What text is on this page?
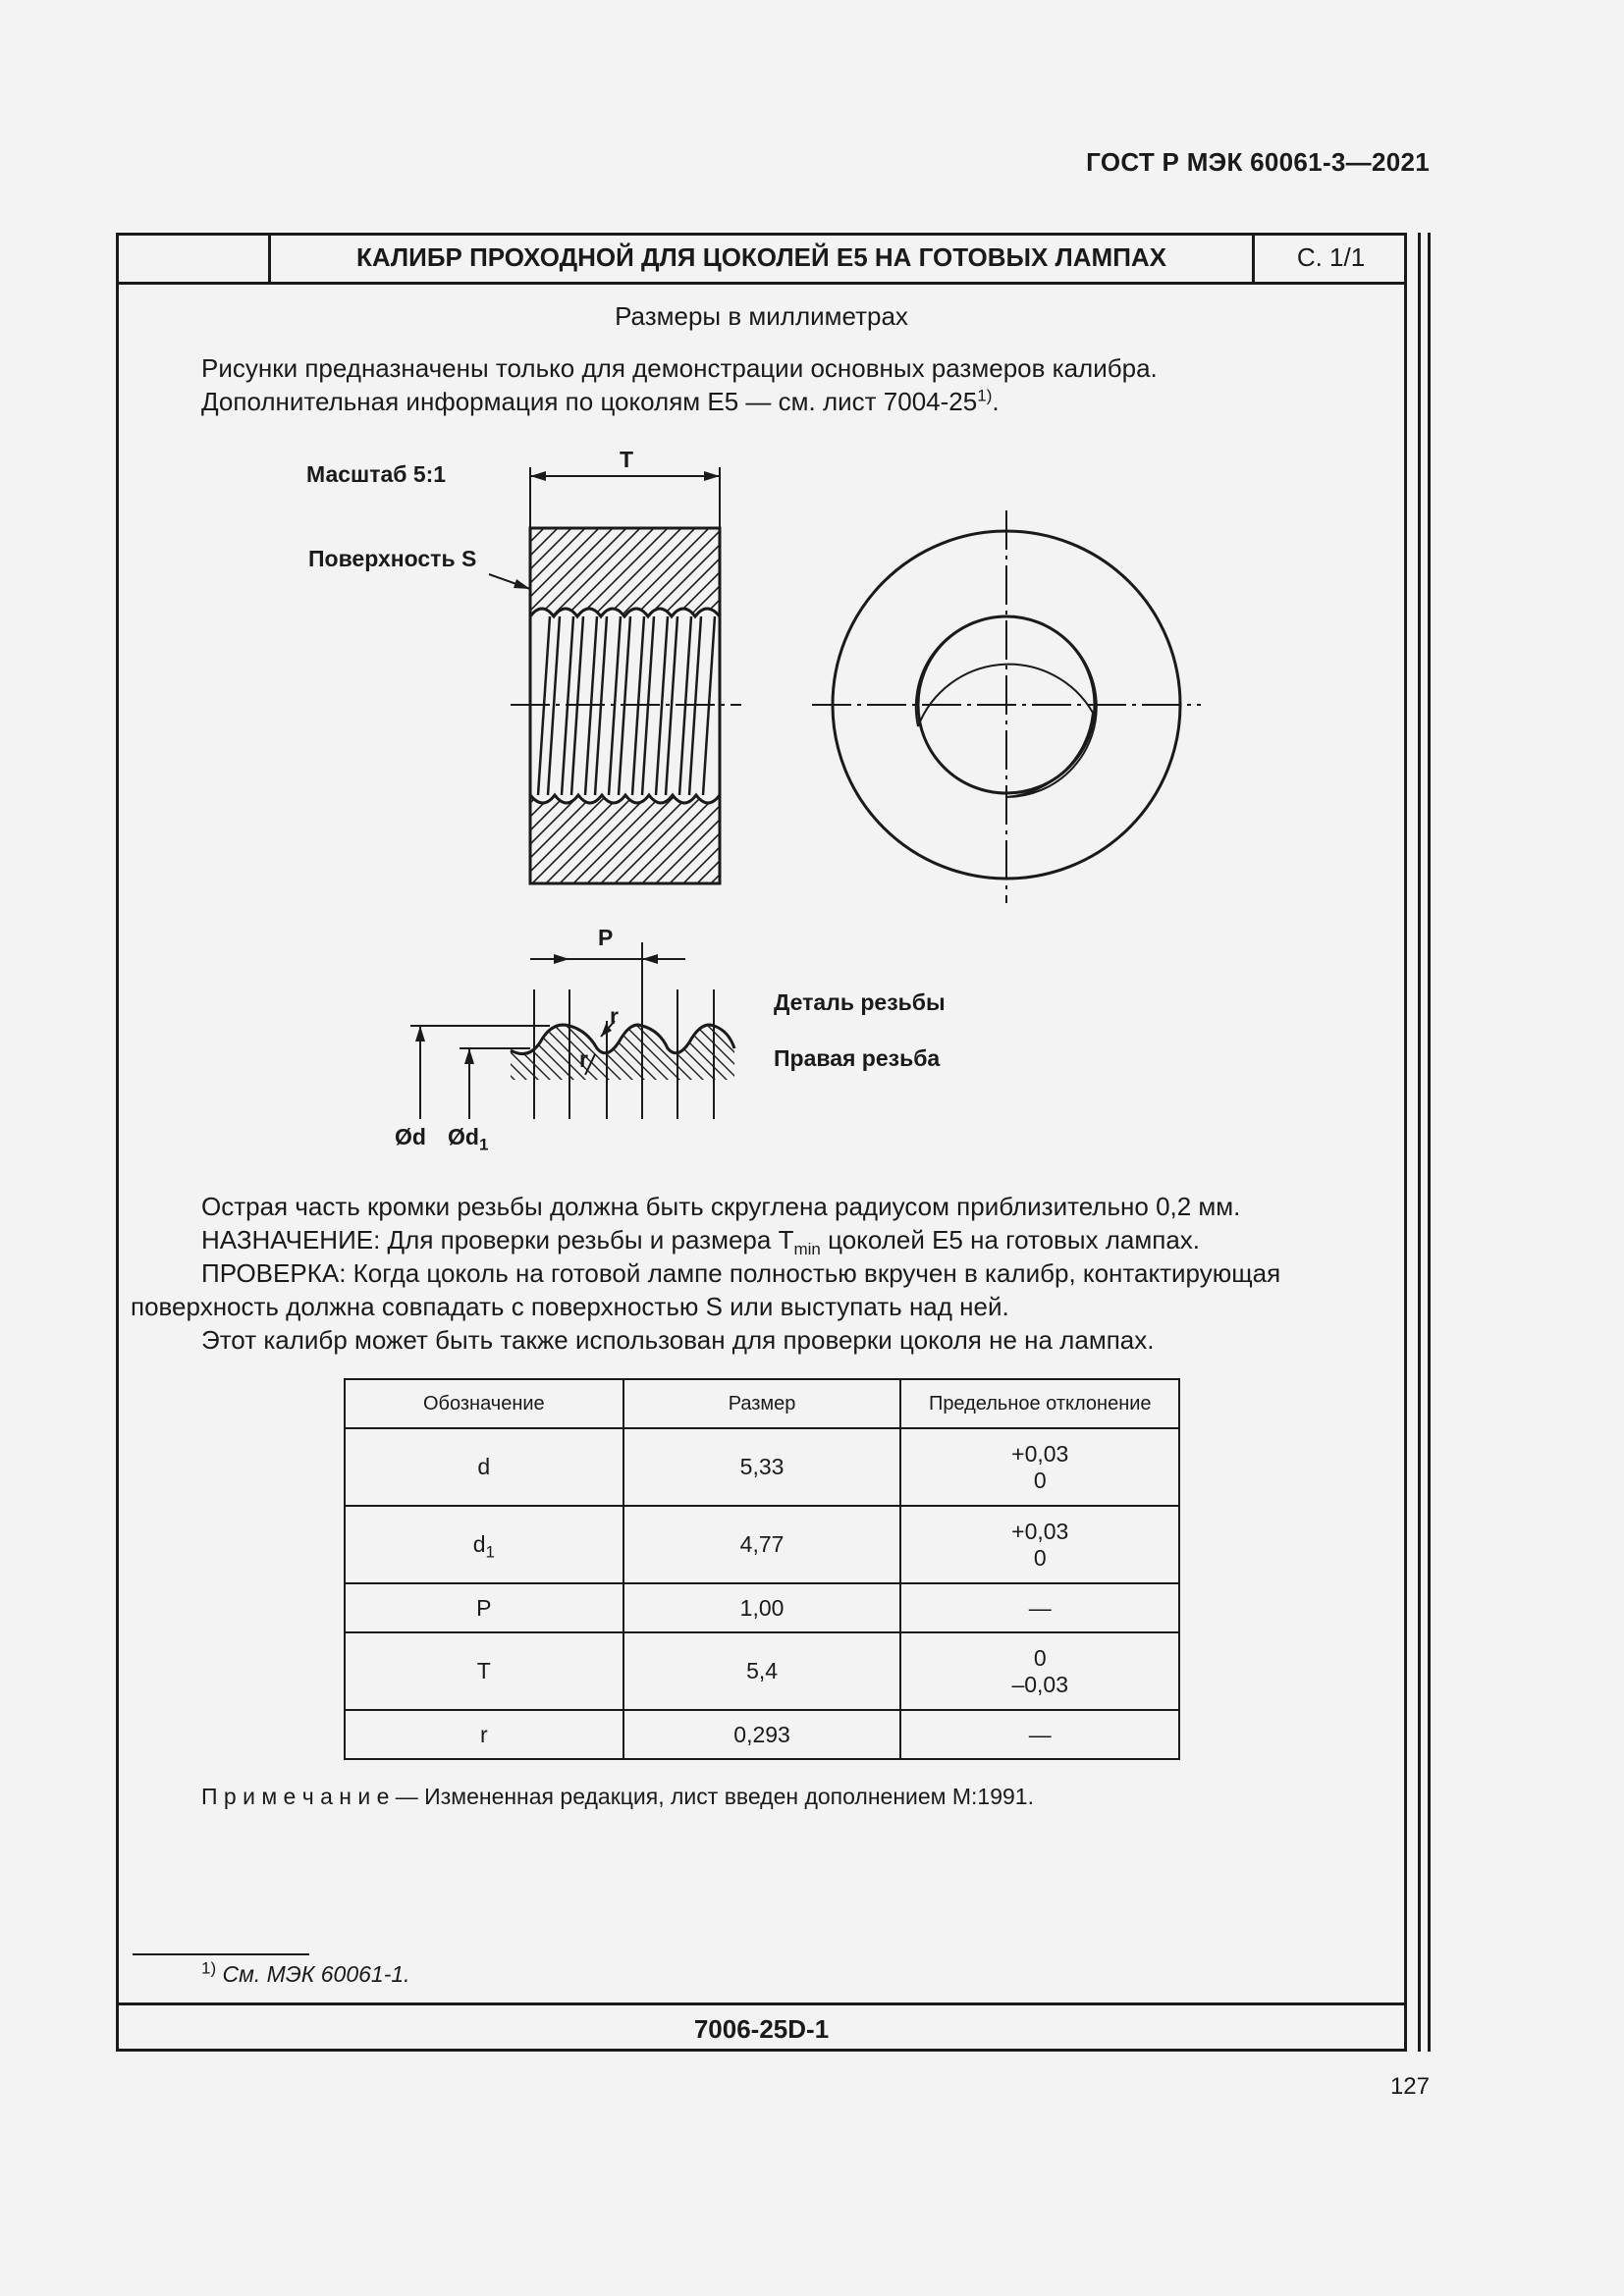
ГОСТ Р МЭК 60061-3—2021
КАЛИБР ПРОХОДНОЙ ДЛЯ ЦОКОЛЕЙ Е5 НА ГОТОВЫХ ЛАМПАХ	С. 1/1
Размеры в миллиметрах
Рисунки предназначены только для демонстрации основных размеров калибра.
Дополнительная информация по цоколям Е5 — см. лист 7004-25$^{1)}$.
Масштаб 5:1
Поверхность S
T
P
r
r
Деталь резьбы
Правая резьба
Ød $Ød_1$
Острая часть кромки резьбы должна быть скруглена радиусом приблизительно 0,2 мм.
НАЗНАЧЕНИЕ: Для проверки резьбы и размера $T_{min}$ цоколей Е5 на готовых лампах.
ПРОВЕРКА: Когда цоколь на готовой лампе полностью вкручен в калибр, контактирующая
поверхность должна совпадать с поверхностью S или выступать над ней.
Этот калибр может быть также использован для проверки цоколя не на лампах.
Обозначение	Размер	Предельное отклонение
d	5,33	+0,03
0

$d_1$	4,77	+0,03
0

P	1,00	—
T	5,4	0
–0,03

r	0,293	—
П р и м е ч а н и е — Измененная редакция, лист введен дополнением М:1991.
$^{1)}$ См. МЭК 60061-1.
7006-25D-1
127
